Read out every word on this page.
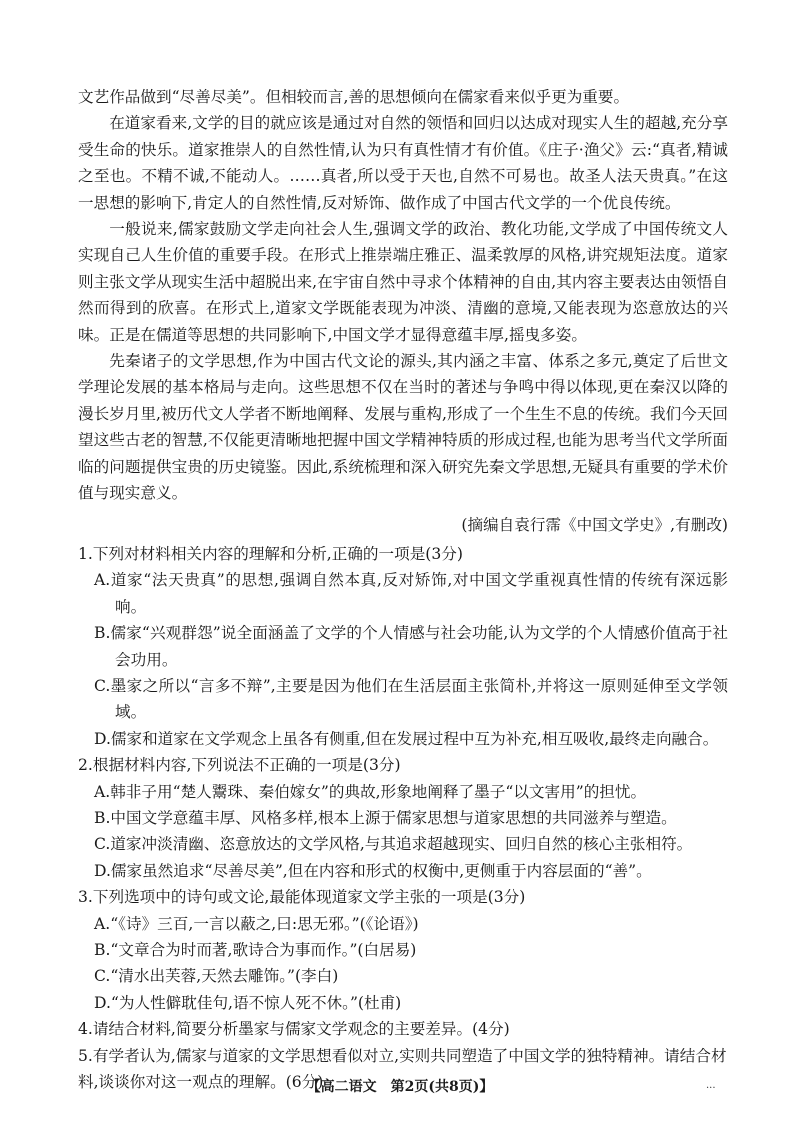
文艺作品做到“尽善尽美”。但相较而言,善的思想倾向在儒家看来似乎更为重要。

在道家看来,文学的目的就应该是通过对自然的领悟和回归以达成对现实人生的超越,充分享受生命的快乐。道家推崇人的自然性情,认为只有真性情才有价值。《庄子·渔父》云:“真者,精诚之至也。不精不诚,不能动人。……真者,所以受于天也,自然不可易也。故圣人法天贵真。”在这一思想的影响下,肯定人的自然性情,反对矫饰、做作成了中国古代文学的一个优良传统。

一般说来,儒家鼓励文学走向社会人生,强调文学的政治、教化功能,文学成了中国传统文人实现自己人生价值的重要手段。在形式上推崇端庄雅正、温柔敦厚的风格,讲究规矩法度。道家则主张文学从现实生活中超脱出来,在宇宙自然中寻求个体精神的自由,其内容主要表达由领悟自然而得到的欣喜。在形式上,道家文学既能表现为冲淡、清幽的意境,又能表现为恣意放达的兴味。正是在儒道等思想的共同影响下,中国文学才显得意蕴丰厚,摇曳多姿。

先秦诸子的文学思想,作为中国古代文论的源头,其内涵之丰富、体系之多元,奠定了后世文学理论发展的基本格局与走向。这些思想不仅在当时的著述与争鸣中得以体现,更在秦汉以降的漫长岁月里,被历代文人学者不断地阐释、发展与重构,形成了一个生生不息的传统。我们今天回望这些古老的智慧,不仅能更清晰地把握中国文学精神特质的形成过程,也能为思考当代文学所面临的问题提供宝贵的历史镜鉴。因此,系统梳理和深入研究先秦文学思想,无疑具有重要的学术价值与现实意义。

(摘编自袁行霈《中国文学史》,有删改)

1.下列对材料相关内容的理解和分析,正确的一项是(3分)

A.道家“法天贵真”的思想,强调自然本真,反对矫饰,对中国文学重视真性情的传统有深远影响。

B.儒家“兴观群怨”说全面涵盖了文学的个人情感与社会功能,认为文学的个人情感价值高于社会功用。

C.墨家之所以“言多不辩”,主要是因为他们在生活层面主张简朴,并将这一原则延伸至文学领域。

D.儒家和道家在文学观念上虽各有侧重,但在发展过程中互为补充,相互吸收,最终走向融合。

2.根据材料内容,下列说法不正确的一项是(3分)

A.韩非子用“楚人鬻珠、秦伯嫁女”的典故,形象地阐释了墨子“以文害用”的担忧。

B.中国文学意蕴丰厚、风格多样,根本上源于儒家思想与道家思想的共同滋养与塑造。

C.道家冲淡清幽、恣意放达的文学风格,与其追求超越现实、回归自然的核心主张相符。

D.儒家虽然追求“尽善尽美”,但在内容和形式的权衡中,更侧重于内容层面的“善”。

3.下列选项中的诗句或文论,最能体现道家文学主张的一项是(3分)

A.“《诗》三百,一言以蔽之,曰:思无邪。”(《论语》)

B.“文章合为时而著,歌诗合为事而作。”(白居易)

C.“清水出芙蓉,天然去雕饰。”(李白)

D.“为人性僻耽佳句,语不惊人死不休。”(杜甫)

4.请结合材料,简要分析墨家与儒家文学观念的主要差异。(4分)

5.有学者认为,儒家与道家的文学思想看似对立,实则共同塑造了中国文学的独特精神。请结合材料,谈谈你对这一观点的理解。(6分)

【高二语文　第2页(共8页)】	...
